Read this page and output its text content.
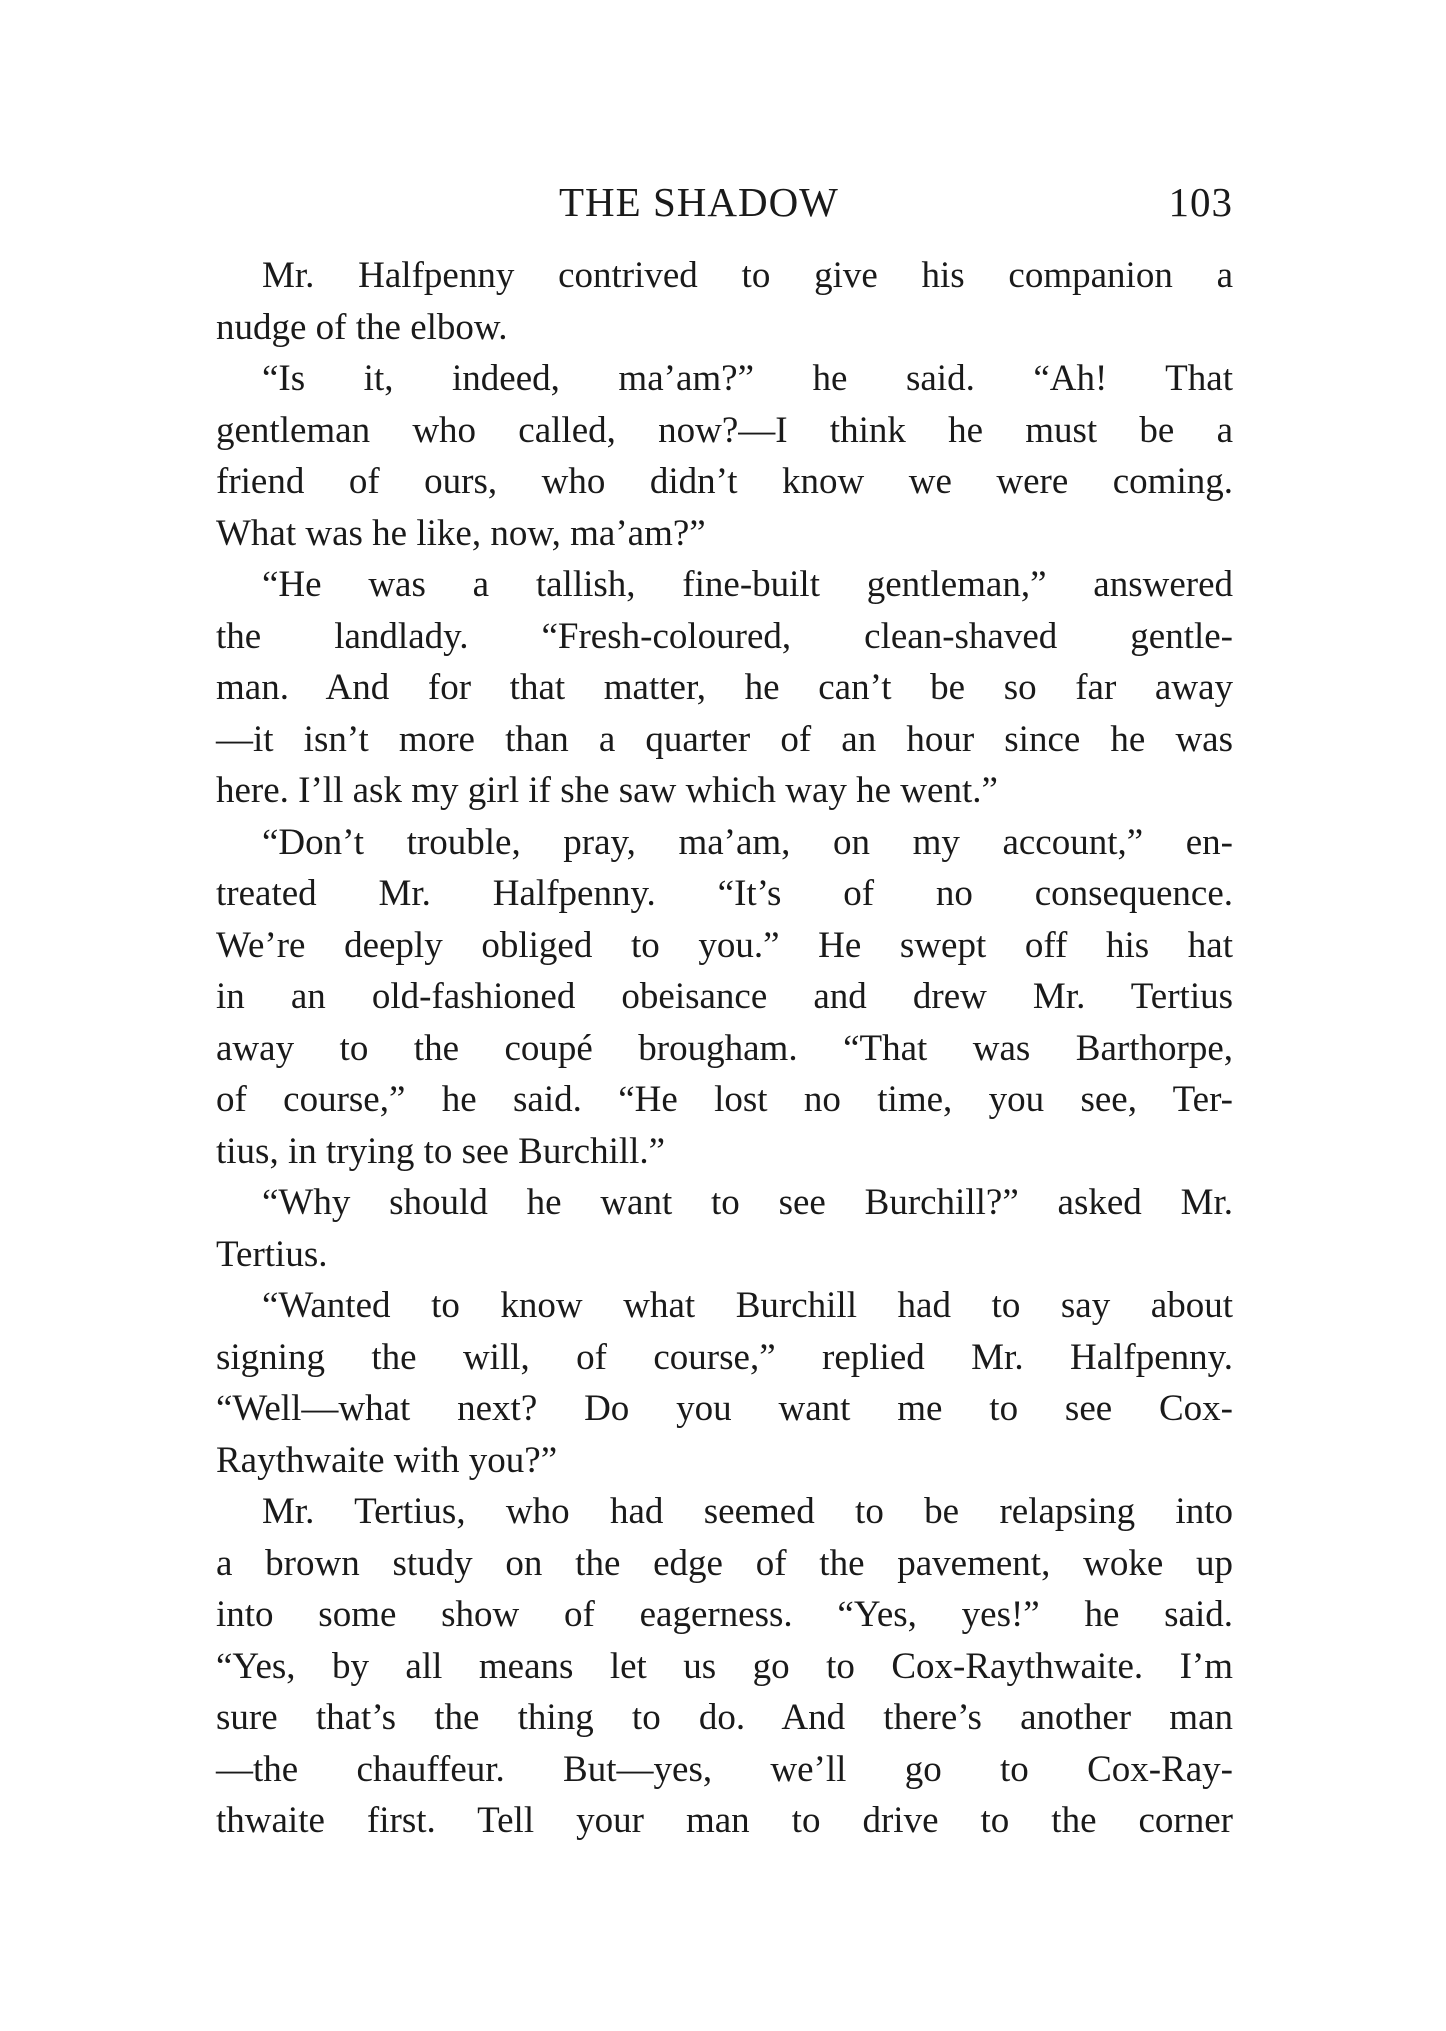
THE SHADOW	103
Mr. Halfpenny contrived to give his companion a
nudge of the elbow.
“Is it, indeed, ma’am?” he said. “Ah! That
gentleman who called, now?—I think he must be a
friend of ours, who didn’t know we were coming.
What was he like, now, ma’am?”
“He was a tallish, fine-built gentleman,” answered
the landlady. “Fresh-coloured, clean-shaved gentle-
man. And for that matter, he can’t be so far away
—it isn’t more than a quarter of an hour since he was
here. I’ll ask my girl if she saw which way he went.”
“Don’t trouble, pray, ma’am, on my account,” en-
treated Mr. Halfpenny. “It’s of no consequence.
We’re deeply obliged to you.” He swept off his hat
in an old-fashioned obeisance and drew Mr. Tertius
away to the coupé brougham. “That was Barthorpe,
of course,” he said. “He lost no time, you see, Ter-
tius, in trying to see Burchill.”
“Why should he want to see Burchill?” asked Mr.
Tertius.
“Wanted to know what Burchill had to say about
signing the will, of course,” replied Mr. Halfpenny.
“Well—what next? Do you want me to see Cox-
Raythwaite with you?”
Mr. Tertius, who had seemed to be relapsing into
a brown study on the edge of the pavement, woke up
into some show of eagerness. “Yes, yes!” he said.
“Yes, by all means let us go to Cox-Raythwaite. I’m
sure that’s the thing to do. And there’s another man
—the chauffeur. But—yes, we’ll go to Cox-Ray-
thwaite first. Tell your man to drive to the corner
